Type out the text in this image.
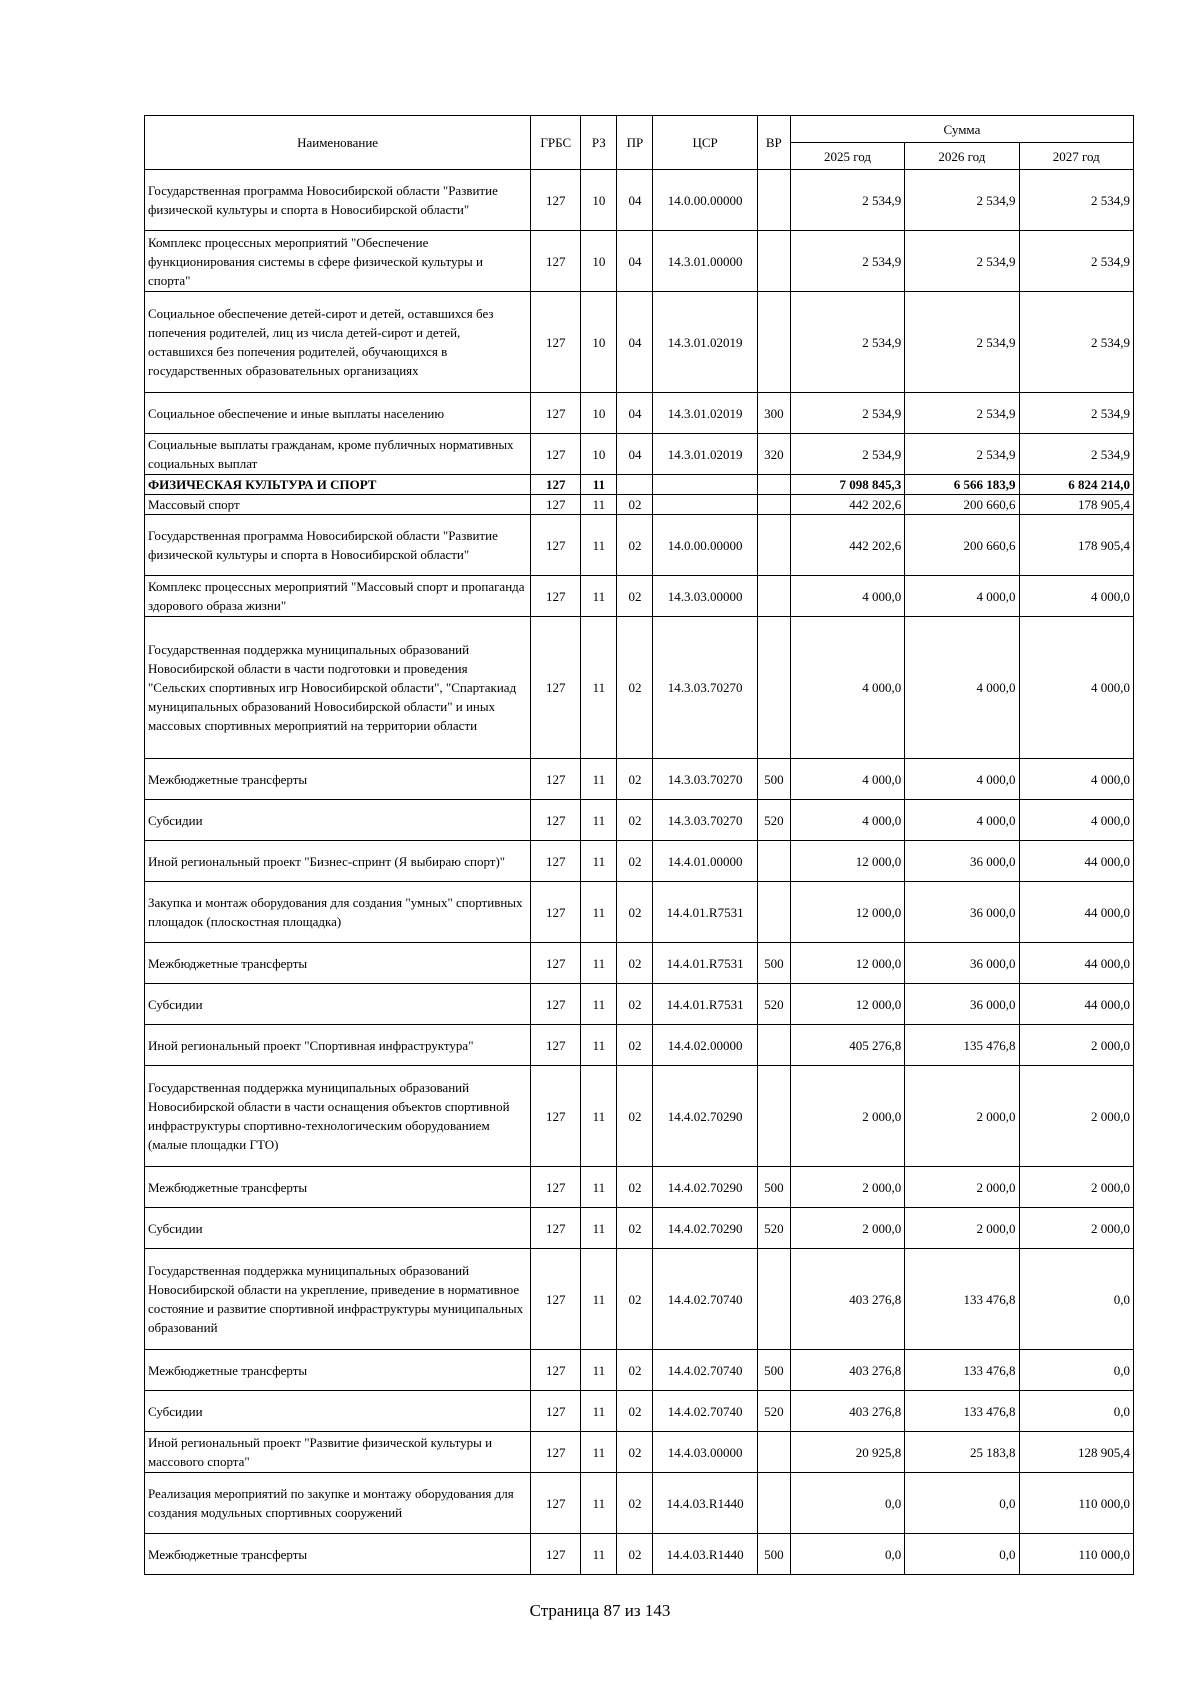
Наименование	ГРБС	РЗ	ПР	ЦСР	ВР	Сумма		
						2025 год	2026 год	2027 год
Государственная программа Новосибирской области "Развитие физической культуры и спорта в Новосибирской области"	127	10	04	14.0.00.00000		2 534,9	2 534,9	2 534,9
Комплекс процессных мероприятий "Обеспечение функционирования системы в сфере физической культуры и спорта"	127	10	04	14.3.01.00000		2 534,9	2 534,9	2 534,9
Социальное обеспечение детей-сирот и детей, оставшихся без попечения родителей, лиц из числа детей-сирот и детей, оставшихся без попечения родителей, обучающихся в государственных образовательных организациях	127	10	04	14.3.01.02019		2 534,9	2 534,9	2 534,9
Социальное обеспечение и иные выплаты населению	127	10	04	14.3.01.02019	300	2 534,9	2 534,9	2 534,9
Социальные выплаты гражданам, кроме публичных нормативных социальных выплат	127	10	04	14.3.01.02019	320	2 534,9	2 534,9	2 534,9
ФИЗИЧЕСКАЯ КУЛЬТУРА И СПОРТ	127	11				7 098 845,3	6 566 183,9	6 824 214,0
Массовый спорт	127	11	02			442 202,6	200 660,6	178 905,4
Государственная программа Новосибирской области "Развитие физической культуры и спорта в Новосибирской области"	127	11	02	14.0.00.00000		442 202,6	200 660,6	178 905,4
Комплекс процессных мероприятий "Массовый спорт и пропаганда здорового образа жизни"	127	11	02	14.3.03.00000		4 000,0	4 000,0	4 000,0
Государственная поддержка муниципальных образований Новосибирской области в части подготовки и проведения "Сельских спортивных игр Новосибирской области", "Спартакиад муниципальных образований Новосибирской области" и иных массовых спортивных мероприятий на территории области	127	11	02	14.3.03.70270		4 000,0	4 000,0	4 000,0
Межбюджетные трансферты	127	11	02	14.3.03.70270	500	4 000,0	4 000,0	4 000,0
Субсидии	127	11	02	14.3.03.70270	520	4 000,0	4 000,0	4 000,0
Иной региональный проект "Бизнес-спринт (Я выбираю спорт)"	127	11	02	14.4.01.00000		12 000,0	36 000,0	44 000,0
Закупка и монтаж оборудования для создания "умных" спортивных площадок (плоскостная площадка)	127	11	02	14.4.01.R7531		12 000,0	36 000,0	44 000,0
Межбюджетные трансферты	127	11	02	14.4.01.R7531	500	12 000,0	36 000,0	44 000,0
Субсидии	127	11	02	14.4.01.R7531	520	12 000,0	36 000,0	44 000,0
Иной региональный проект "Спортивная инфраструктура"	127	11	02	14.4.02.00000		405 276,8	135 476,8	2 000,0
Государственная поддержка муниципальных образований Новосибирской области в части оснащения объектов спортивной инфраструктуры спортивно-технологическим оборудованием (малые площадки ГТО)	127	11	02	14.4.02.70290		2 000,0	2 000,0	2 000,0
Межбюджетные трансферты	127	11	02	14.4.02.70290	500	2 000,0	2 000,0	2 000,0
Субсидии	127	11	02	14.4.02.70290	520	2 000,0	2 000,0	2 000,0
Государственная поддержка муниципальных образований Новосибирской области на укрепление, приведение в нормативное состояние и развитие спортивной инфраструктуры муниципальных образований	127	11	02	14.4.02.70740		403 276,8	133 476,8	0,0
Межбюджетные трансферты	127	11	02	14.4.02.70740	500	403 276,8	133 476,8	0,0
Субсидии	127	11	02	14.4.02.70740	520	403 276,8	133 476,8	0,0
Иной региональный проект "Развитие физической культуры и массового спорта"	127	11	02	14.4.03.00000		20 925,8	25 183,8	128 905,4
Реализация мероприятий по закупке и монтажу оборудования для создания модульных спортивных сооружений	127	11	02	14.4.03.R1440		0,0	0,0	110 000,0
Межбюджетные трансферты	127	11	02	14.4.03.R1440	500	0,0	0,0	110 000,0
Страница 87 из 143
